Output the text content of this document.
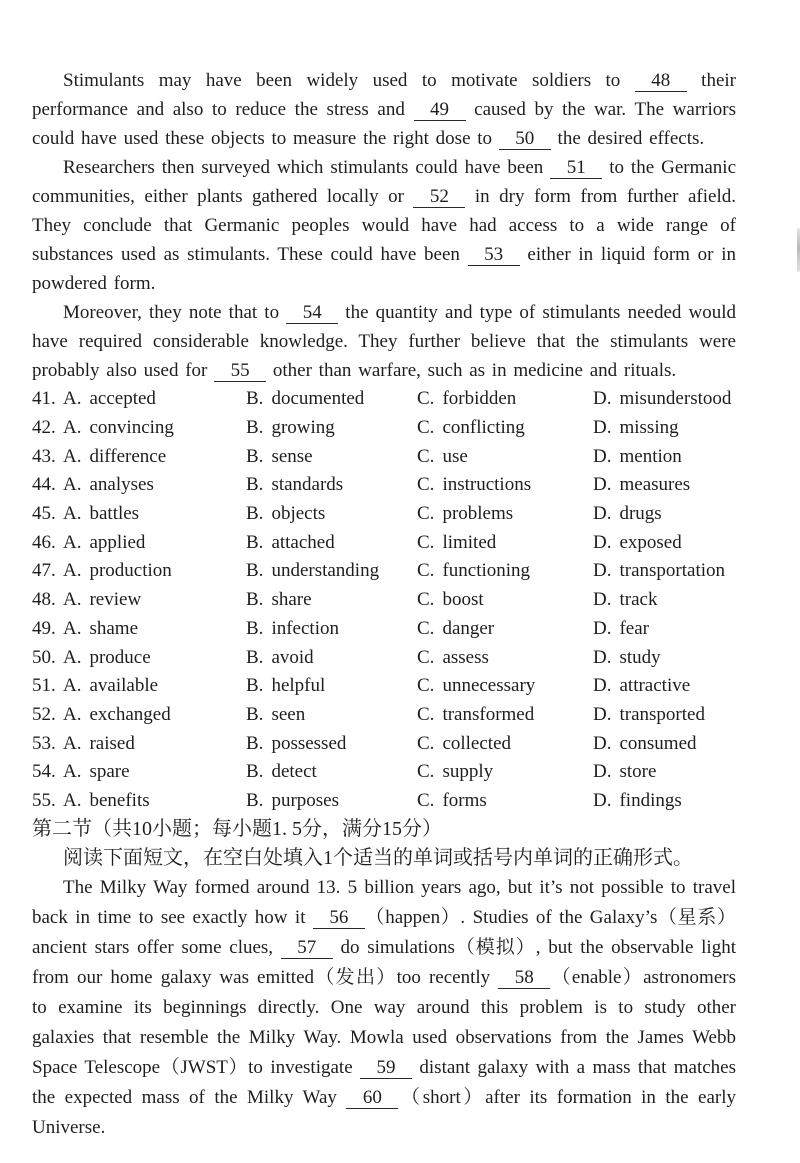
Stimulants may have been widely used to motivate soldiers to 48 their performance and also to reduce the stress and 49 caused by the war. The warriors could have used these objects to measure the right dose to 50 the desired effects.

Researchers then surveyed which stimulants could have been 51 to the Germanic communities, either plants gathered locally or 52 in dry form from further afield. They conclude that Germanic peoples would have had access to a wide range of substances used as stimulants. These could have been 53 either in liquid form or in powdered form.

Moreover, they note that to 54 the quantity and type of stimulants needed would have required considerable knowledge. They further believe that the stimulants were probably also used for 55 other than warfare, such as in medicine and rituals.

41. A. accepted	B. documented	C. forbidden	D. misunderstood
42. A. convincing	B. growing	C. conflicting	D. missing
43. A. difference	B. sense	C. use	D. mention
44. A. analyses	B. standards	C. instructions	D. measures
45. A. battles	B. objects	C. problems	D. drugs
46. A. applied	B. attached	C. limited	D. exposed
47. A. production	B. understanding	C. functioning	D. transportation
48. A. review	B. share	C. boost	D. track
49. A. shame	B. infection	C. danger	D. fear
50. A. produce	B. avoid	C. assess	D. study
51. A. available	B. helpful	C. unnecessary	D. attractive
52. A. exchanged	B. seen	C. transformed	D. transported
53. A. raised	B. possessed	C. collected	D. consumed
54. A. spare	B. detect	C. supply	D. store
55. A. benefits	B. purposes	C. forms	D. findings
第二节（共10小题；每小题1. 5分，满分15分）

阅读下面短文，在空白处填入1个适当的单词或括号内单词的正确形式。

The Milky Way formed around 13. 5 billion years ago, but it’s not possible to travel back in time to see exactly how it 56 （happen）. Studies of the Galaxy’s（星系）ancient stars offer some clues, 57 do simulations（模拟）, but the observable light from our home galaxy was emitted（发出）too recently 58 （enable）astronomers to examine its beginnings directly. One way around this problem is to study other galaxies that resemble the Milky Way. Mowla used observations from the James Webb Space Telescope（JWST）to investigate 59 distant galaxy with a mass that matches the expected mass of the Milky Way 60 （short）after its formation in the early Universe.
